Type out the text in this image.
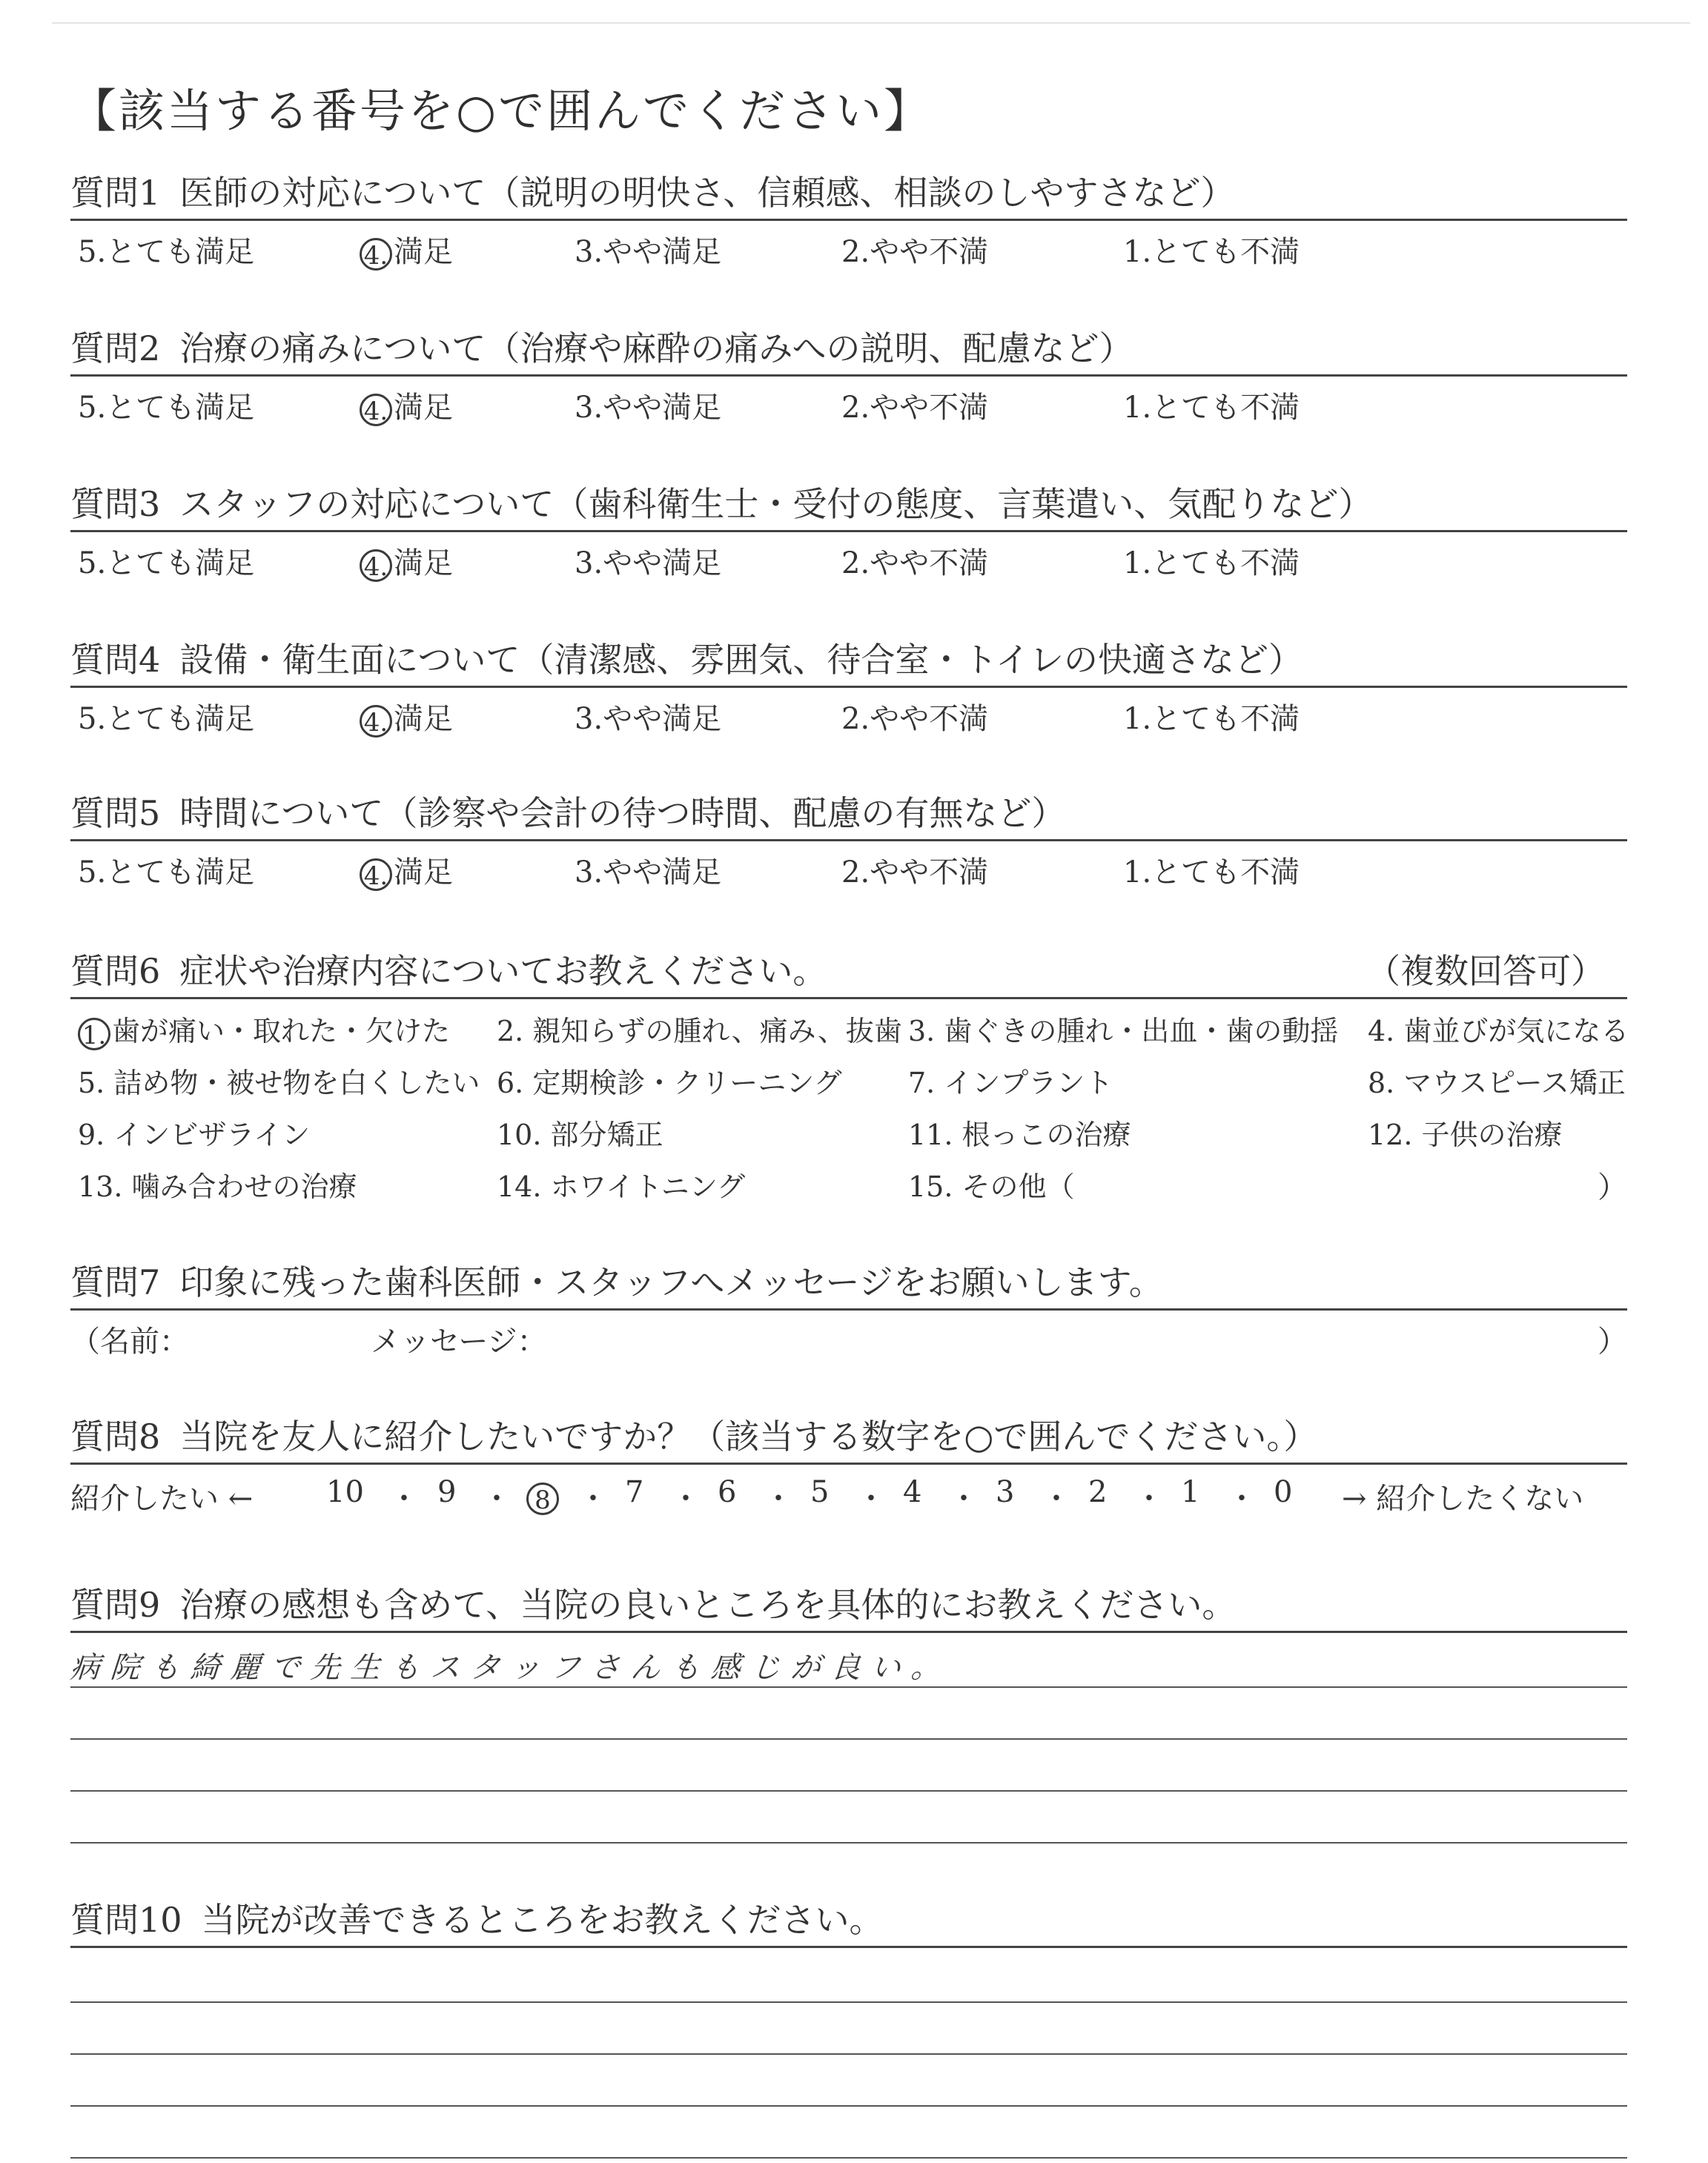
【該当する番号を○で囲んでください】
質問1 医師の対応について（説明の明快さ、信頼感、相談のしやすさなど）
5.とても満足	4. 満足	3.やや満足	2.やや不満	1.とても不満
質問2 治療の痛みについて（治療や麻酔の痛みへの説明、配慮など）
5.とても満足	4. 満足	3.やや満足	2.やや不満	1.とても不満
質問3 スタッフの対応について（歯科衛生士・受付の態度、言葉遣い、気配りなど）
5.とても満足	4. 満足	3.やや満足	2.やや不満	1.とても不満
質問4 設備・衛生面について（清潔感、雰囲気、待合室・トイレの快適さなど）
5.とても満足	4. 満足	3.やや満足	2.やや不満	1.とても不満
質問5 時間について（診察や会計の待つ時間、配慮の有無など）
5.とても満足	4. 満足	3.やや満足	2.やや不満	1.とても不満
質問6 症状や治療内容についてお教えください。	（複数回答可）
1. 歯が痛い・取れた・欠けた 2. 親知らずの腫れ、痛み、抜歯 3. 歯ぐきの腫れ・出血・歯の動揺 4. 歯並びが気になる
5. 詰め物・被せ物を白くしたい 6. 定期検診・クリーニング 7. インプラント	8. マウスピース矯正
9. インビザライン	10. 部分矯正	11. 根っこの治療	12. 子供の治療
13. 噛み合わせの治療	14. ホワイトニング	15. その他（	）
質問7 印象に残った歯科医師・スタッフへメッセージをお願いします。
（名前：	メッセージ：	）
質問8 当院を友人に紹介したいですか？（該当する数字を○で囲んでください。）
紹介したい ← 10 ・ 9 ・ 8 ・ 7 ・ 6 ・ 5 ・ 4 ・ 3 ・ 2 ・ 1 ・ 0 → 紹介したくない
質問9 治療の感想も含めて、当院の良いところを具体的にお教えください。
病院も綺麗で先生もスタッフさんも感じが良い。
質問10 当院が改善できるところをお教えください。
